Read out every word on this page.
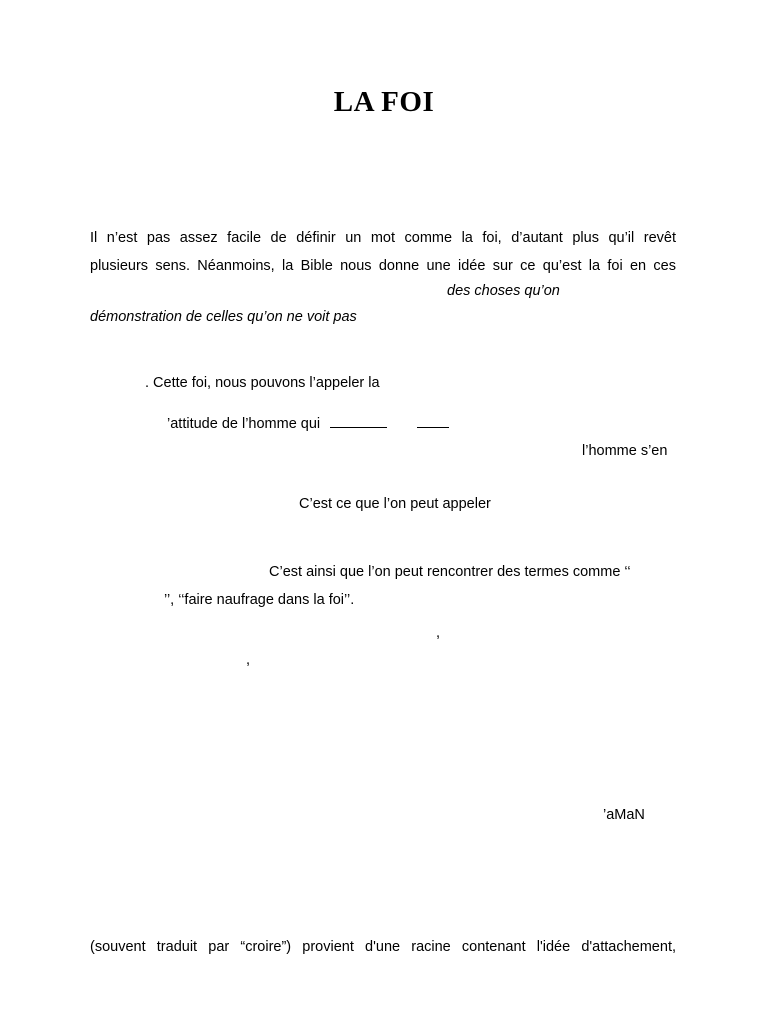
LA FOI
Il n’est pas assez facile de définir un mot comme la foi, d’autant plus qu’il revêt
plusieurs sens. Néanmoins, la Bible nous donne une idée sur ce qu’est la foi en ces
des choses qu’on
démonstration de celles qu’on ne voit pas
. Cette foi, nous pouvons l’appeler la
’attitude de l’homme qui
l’homme s’en
C’est ce que l’on peut appeler
C’est ainsi que l’on peut rencontrer des termes comme ‘‘
’’, ‘‘faire naufrage dans la foi’’.
,
,
’aMaN
(souvent traduit par “croire”) provient d'une racine contenant l'idée d'attachement,
